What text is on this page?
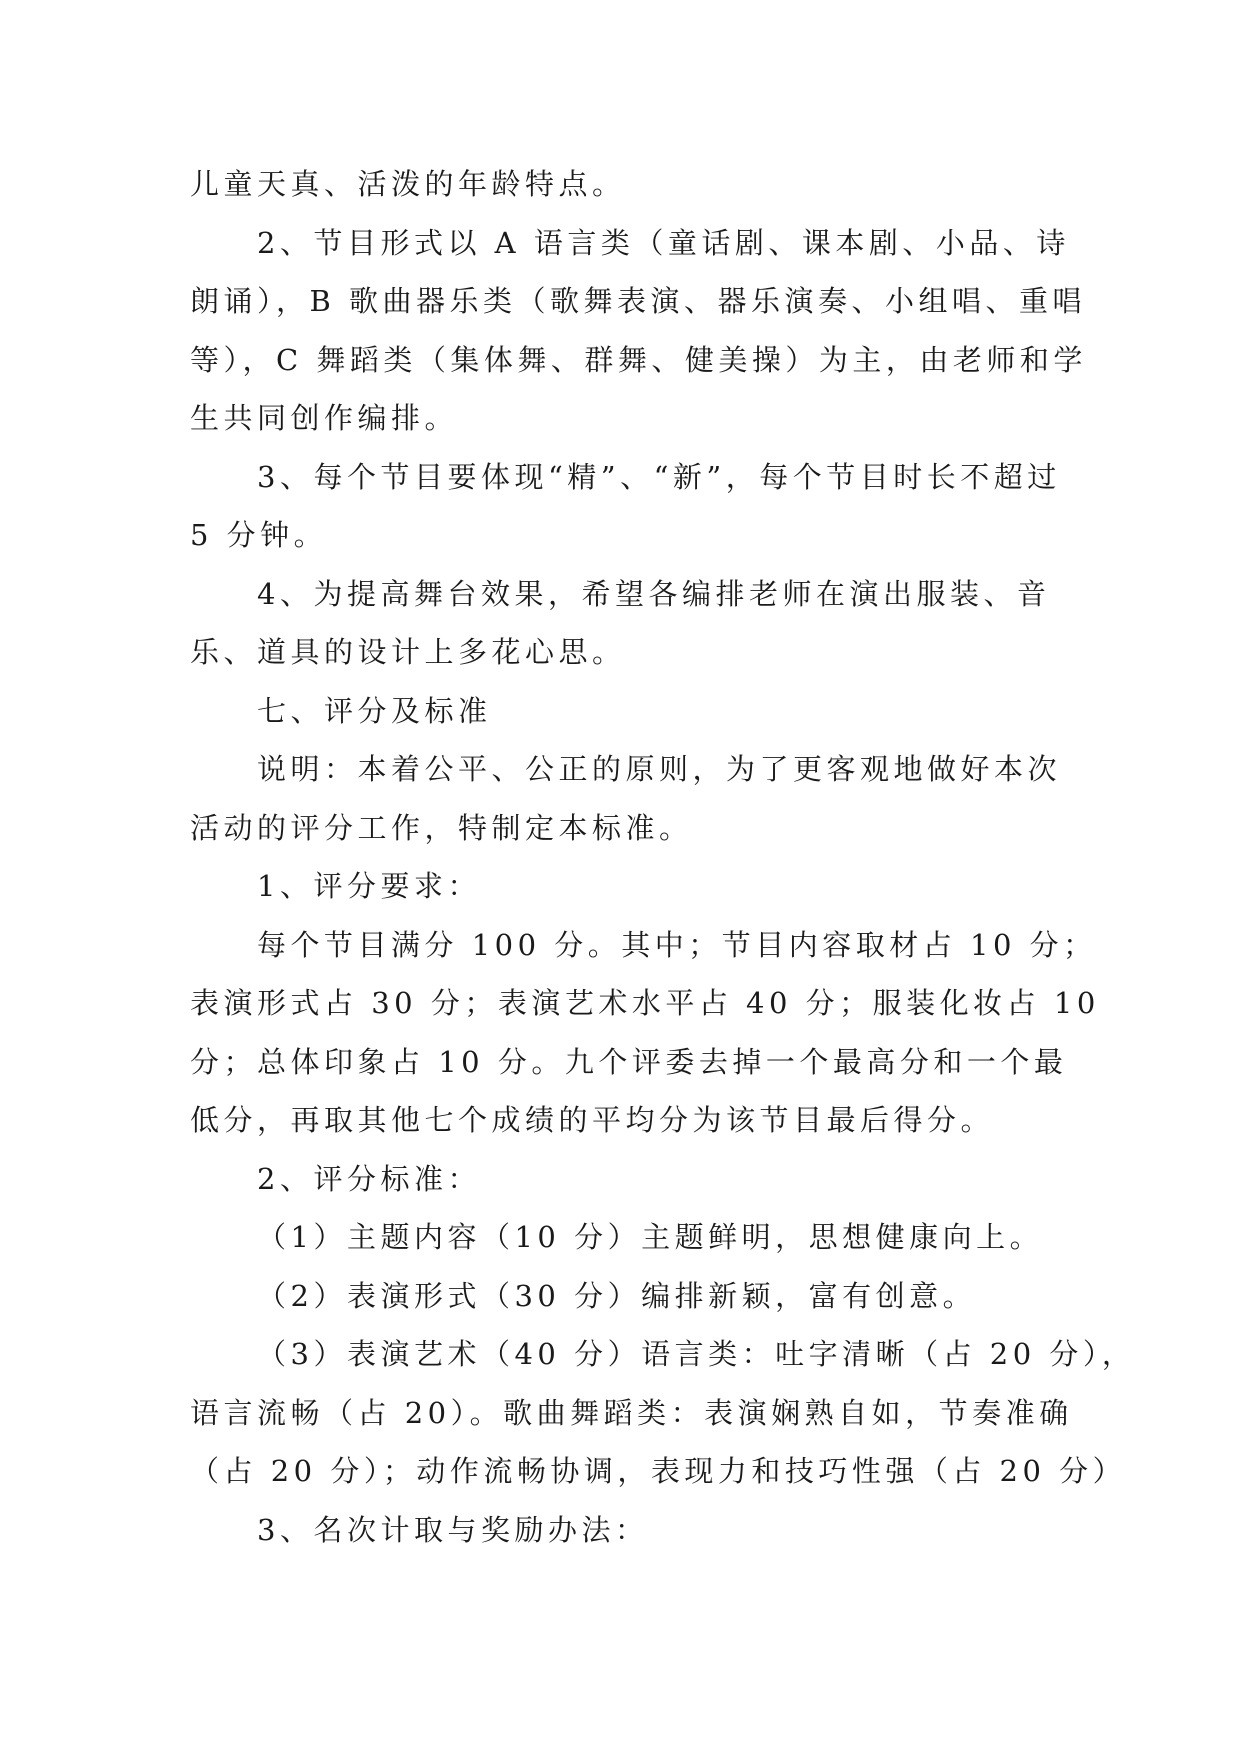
儿童天真、活泼的年龄特点。

2、节目形式以 A 语言类（童话剧、课本剧、小品、诗

朗诵），B 歌曲器乐类（歌舞表演、器乐演奏、小组唱、重唱

等），C 舞蹈类（集体舞、群舞、健美操）为主，由老师和学

生共同创作编排。

3、每个节目要体现“精”、“新”，每个节目时长不超过

5 分钟。

4、为提高舞台效果，希望各编排老师在演出服装、音

乐、道具的设计上多花心思。

七、评分及标准

说明：本着公平、公正的原则，为了更客观地做好本次

活动的评分工作，特制定本标准。

1、评分要求：

每个节目满分 100 分。其中；节目内容取材占 10 分；

表演形式占 30 分；表演艺术水平占 40 分；服装化妆占 10

分；总体印象占 10 分。九个评委去掉一个最高分和一个最

低分，再取其他七个成绩的平均分为该节目最后得分。

2、评分标准：

（1）主题内容（10 分）主题鲜明，思想健康向上。

（2）表演形式（30 分）编排新颖，富有创意。

（3）表演艺术（40 分）语言类：吐字清晰（占 20 分），

语言流畅（占 20）。歌曲舞蹈类：表演娴熟自如，节奏准确

（占 20 分）；动作流畅协调，表现力和技巧性强（占 20 分）

3、名次计取与奖励办法：
